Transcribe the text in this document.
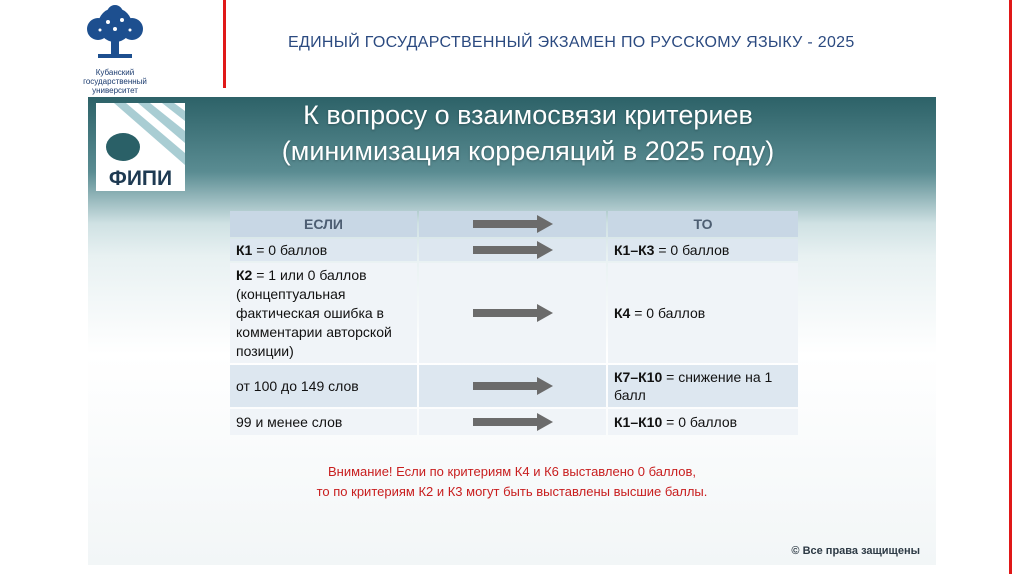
Кубанский государственный университет
ЕДИНЫЙ ГОСУДАРСТВЕННЫЙ ЭКЗАМЕН ПО РУССКОМУ ЯЗЫКУ - 2025
ФИПИ
К вопросу о взаимосвязи критериев
(минимизация корреляций в 2025 году)
ЕСЛИ		ТО
К1 = 0 баллов		К1–К3 = 0 баллов
К2 = 1 или 0 баллов (концептуальная фактическая ошибка в комментарии авторской позиции)		К4 = 0 баллов
от 100 до 149 слов		К7–К10 = снижение на 1 балл
99 и менее слов		К1–К10 = 0 баллов
Внимание! Если по критериям К4 и К6 выставлено 0 баллов,
то по критериям К2 и К3 могут быть выставлены высшие баллы.
© Все права защищены
